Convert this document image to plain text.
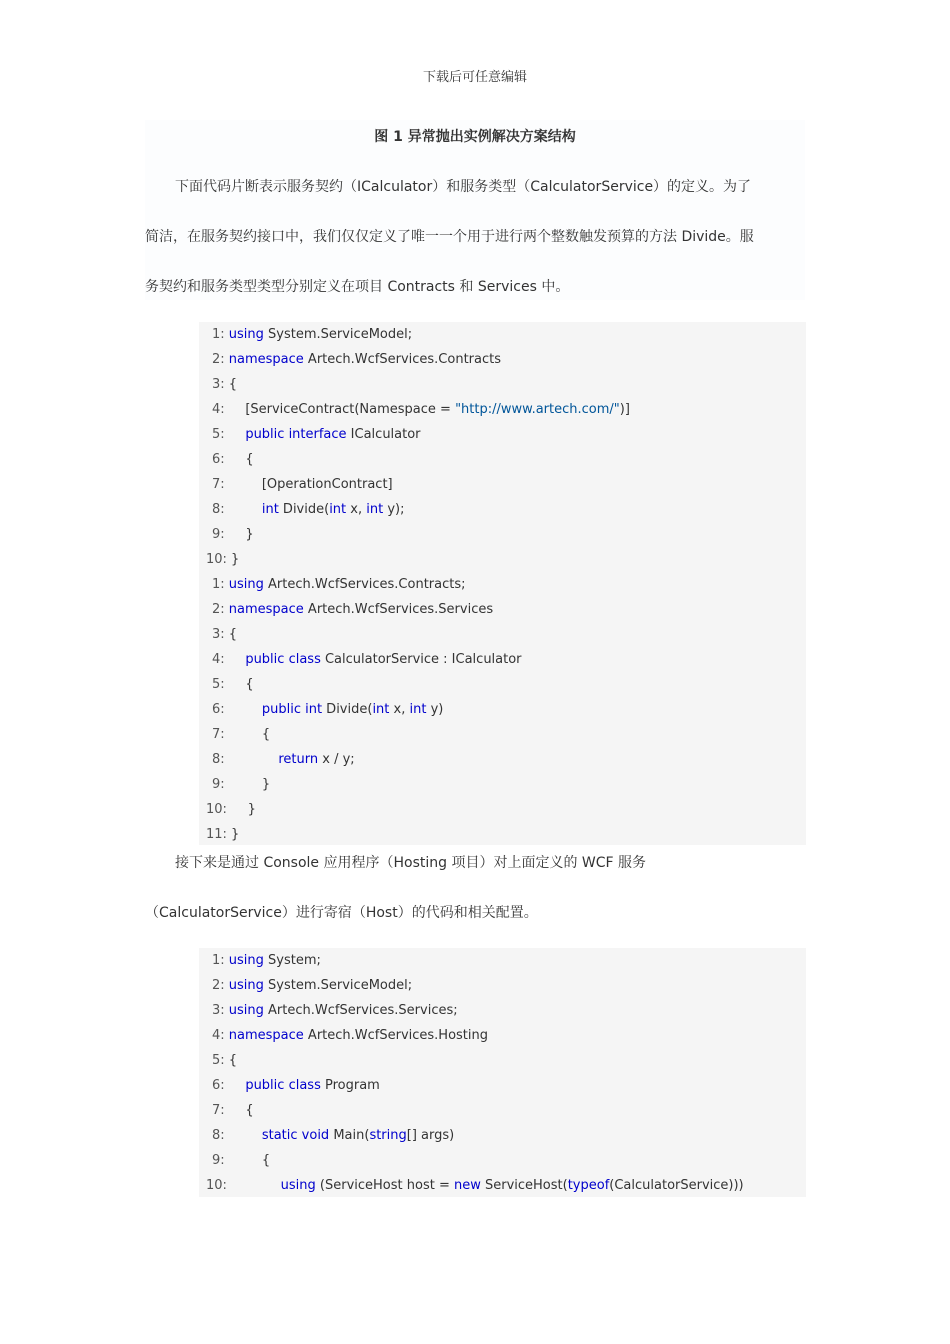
下载后可任意编辑
图 1 异常抛出实例解决方案结构
下面代码片断表示服务契约（ICalculator）和服务类型（CalculatorService）的定义。为了
简洁，在服务契约接口中，我们仅仅定义了唯一一个用于进行两个整数触发预算的方法 Divide。服
务契约和服务类型类型分别定义在项目 Contracts 和 Services 中。
1: using System.ServiceModel;
2: namespace Artech.WcfServices.Contracts
3: {
4:     [ServiceContract(Namespace = "http://www.artech.com/")]
5:     public interface ICalculator
6:     {
7:         [OperationContract]
8:         int Divide(int x, int y);
9:     }
10: }
1: using Artech.WcfServices.Contracts;
2: namespace Artech.WcfServices.Services
3: {
4:     public class CalculatorService : ICalculator
5:     {
6:         public int Divide(int x, int y)
7:         {
8:             return x / y;
9:         }
10:     }
11: }
接下来是通过 Console 应用程序（Hosting 项目）对上面定义的 WCF 服务
（CalculatorService）进行寄宿（Host）的代码和相关配置。
1: using System;
2: using System.ServiceModel;
3: using Artech.WcfServices.Services;
4: namespace Artech.WcfServices.Hosting
5: {
6:     public class Program
7:     {
8:         static void Main(string[] args)
9:         {
10:             using (ServiceHost host = new ServiceHost(typeof(CalculatorService)))
